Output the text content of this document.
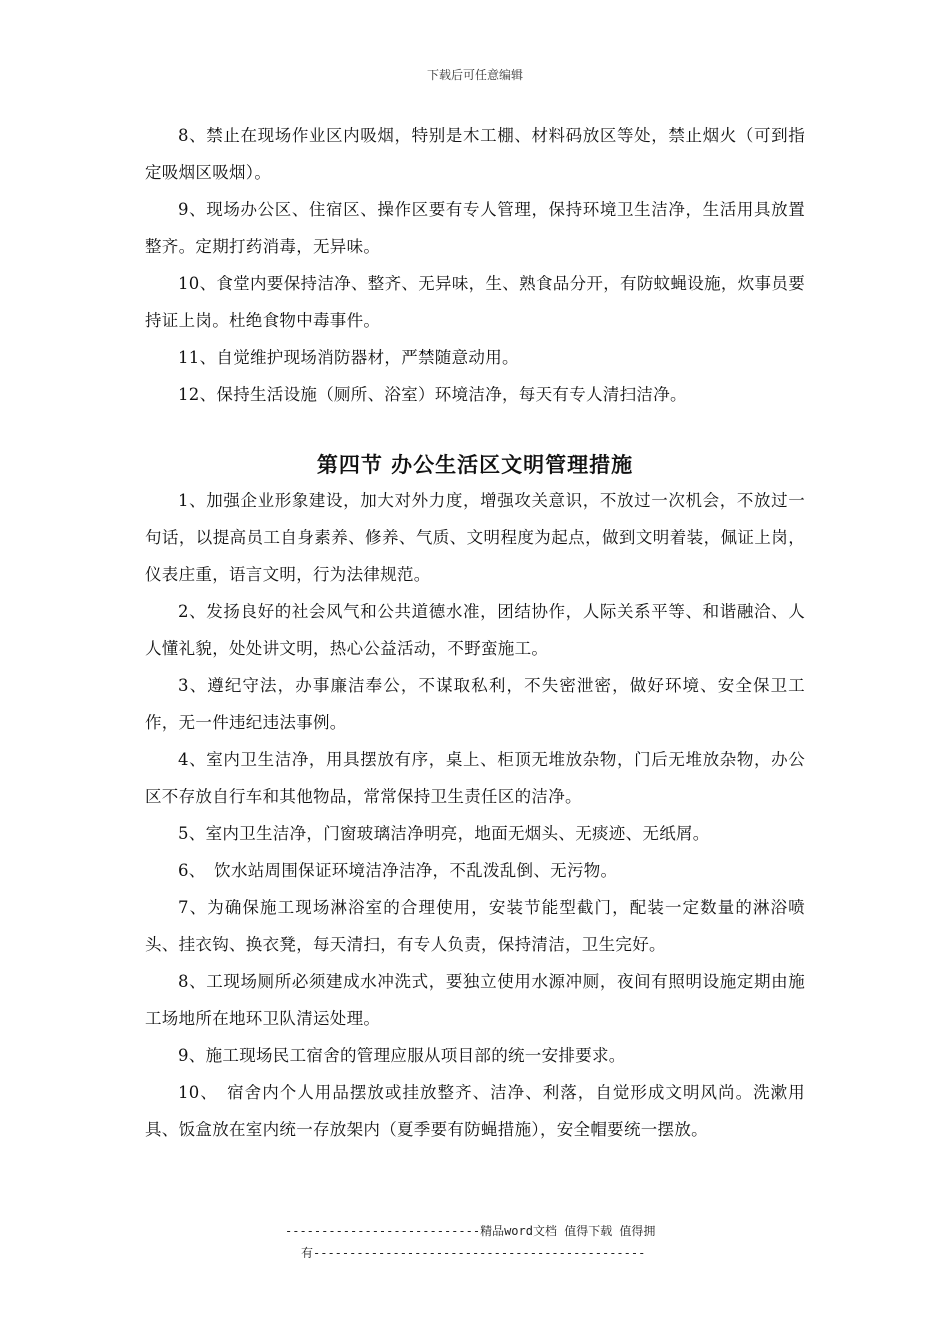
下载后可任意编辑

8、禁止在现场作业区内吸烟，特别是木工棚、材料码放区等处，禁止烟火（可到指定吸烟区吸烟）。

9、现场办公区、住宿区、操作区要有专人管理，保持环境卫生洁净，生活用具放置整齐。定期打药消毒，无异味。

10、食堂内要保持洁净、整齐、无异味，生、熟食品分开，有防蚊蝇设施，炊事员要持证上岗。杜绝食物中毒事件。

11、自觉维护现场消防器材，严禁随意动用。

12、保持生活设施（厕所、浴室）环境洁净，每天有专人清扫洁净。

第四节 办公生活区文明管理措施

1、加强企业形象建设，加大对外力度，增强攻关意识，不放过一次机会，不放过一句话，以提高员工自身素养、修养、气质、文明程度为起点，做到文明着装，佩证上岗，仪表庄重，语言文明，行为法律规范。

2、发扬良好的社会风气和公共道德水准，团结协作，人际关系平等、和谐融洽、人人懂礼貌，处处讲文明，热心公益活动，不野蛮施工。

3、遵纪守法，办事廉洁奉公，不谋取私利，不失密泄密，做好环境、安全保卫工作，无一件违纪违法事例。

4、室内卫生洁净，用具摆放有序，桌上、柜顶无堆放杂物，门后无堆放杂物，办公区不存放自行车和其他物品，常常保持卫生责任区的洁净。

5、室内卫生洁净，门窗玻璃洁净明亮，地面无烟头、无痰迹、无纸屑。

6、　饮水站周围保证环境洁净洁净，不乱泼乱倒、无污物。

7、为确保施工现场淋浴室的合理使用，安装节能型截门，配装一定数量的淋浴喷头、挂衣钩、换衣凳，每天清扫，有专人负责，保持清洁，卫生完好。

8、工现场厕所必须建成水冲洗式，要独立使用水源冲厕，夜间有照明设施定期由施工场地所在地环卫队清运处理。

9、施工现场民工宿舍的管理应服从项目部的统一安排要求。

10、　宿舍内个人用品摆放或挂放整齐、洁净、利落，自觉形成文明风尚。洗漱用具、饭盒放在室内统一存放架内（夏季要有防蝇措施），安全帽要统一摆放。

---------------------------精品word文档 值得下载 值得拥
有----------------------------------------------
